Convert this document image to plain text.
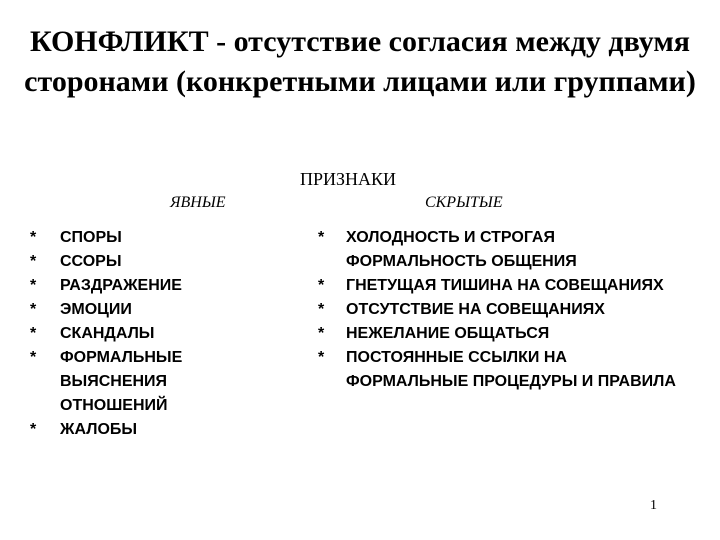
КОНФЛИКТ - отсутствие согласия между двумя сторонами (конкретными лицами или группами)
ПРИЗНАКИ
ЯВНЫЕ	СКРЫТЫЕ
* СПОРЫ
* ССОРЫ
* РАЗДРАЖЕНИЕ
* ЭМОЦИИ
* СКАНДАЛЫ
* ФОРМАЛЬНЫЕ ВЫЯСНЕНИЯ ОТНОШЕНИЙ
* ЖАЛОБЫ
* ХОЛОДНОСТЬ И СТРОГАЯ ФОРМАЛЬНОСТЬ ОБЩЕНИЯ
* ГНЕТУЩАЯ ТИШИНА НА СОВЕЩАНИЯХ
* ОТСУТСТВИЕ НА СОВЕЩАНИЯХ
* НЕЖЕЛАНИЕ ОБЩАТЬСЯ
* ПОСТОЯННЫЕ ССЫЛКИ НА ФОРМАЛЬНЫЕ ПРОЦЕДУРЫ И ПРАВИЛА
1
